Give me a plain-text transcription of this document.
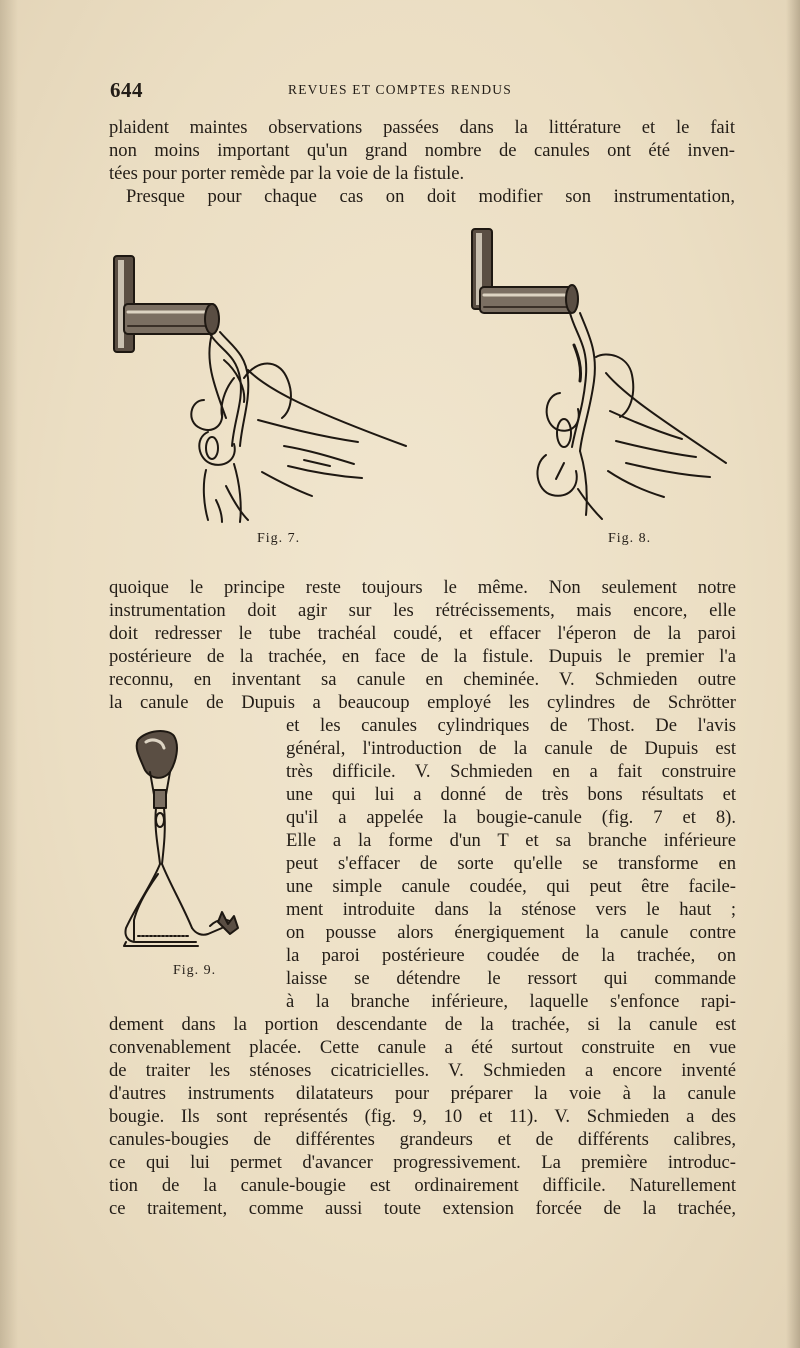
644	REVUES ET COMPTES RENDUS
plaident maintes observations passées dans la littérature et le fait
non moins important qu'un grand nombre de canules ont été inven-
tées pour porter remède par la voie de la fistule.
Presque pour chaque cas on doit modifier son instrumentation,
Fig. 7.	Fig. 8.
quoique le principe reste toujours le même. Non seulement notre
instrumentation doit agir sur les rétrécissements, mais encore, elle
doit redresser le tube trachéal coudé, et effacer l'éperon de la paroi
postérieure de la trachée, en face de la fistule. Dupuis le premier l'a
reconnu, en inventant sa canule en cheminée. V. Schmieden outre
la canule de Dupuis a beaucoup employé les cylindres de Schrötter
Fig. 9.
et les canules cylindriques de Thost. De l'avis
général, l'introduction de la canule de Dupuis est
très difficile. V. Schmieden en a fait construire
une qui lui a donné de très bons résultats et
qu'il a appelée la bougie-canule (fig. 7 et 8).
Elle a la forme d'un T et sa branche inférieure
peut s'effacer de sorte qu'elle se transforme en
une simple canule coudée, qui peut être facile-
ment introduite dans la sténose vers le haut ;
on pousse alors énergiquement la canule contre
la paroi postérieure coudée de la trachée, on
laisse se détendre le ressort qui commande
à la branche inférieure, laquelle s'enfonce rapi-
dement dans la portion descendante de la trachée, si la canule est
convenablement placée. Cette canule a été surtout construite en vue
de traiter les sténoses cicatricielles. V. Schmieden a encore inventé
d'autres instruments dilatateurs pour préparer la voie à la canule
bougie. Ils sont représentés (fig. 9, 10 et 11). V. Schmieden a des
canules-bougies de différentes grandeurs et de différents calibres,
ce qui lui permet d'avancer progressivement. La première introduc-
tion de la canule-bougie est ordinairement difficile. Naturellement
ce traitement, comme aussi toute extension forcée de la trachée,
